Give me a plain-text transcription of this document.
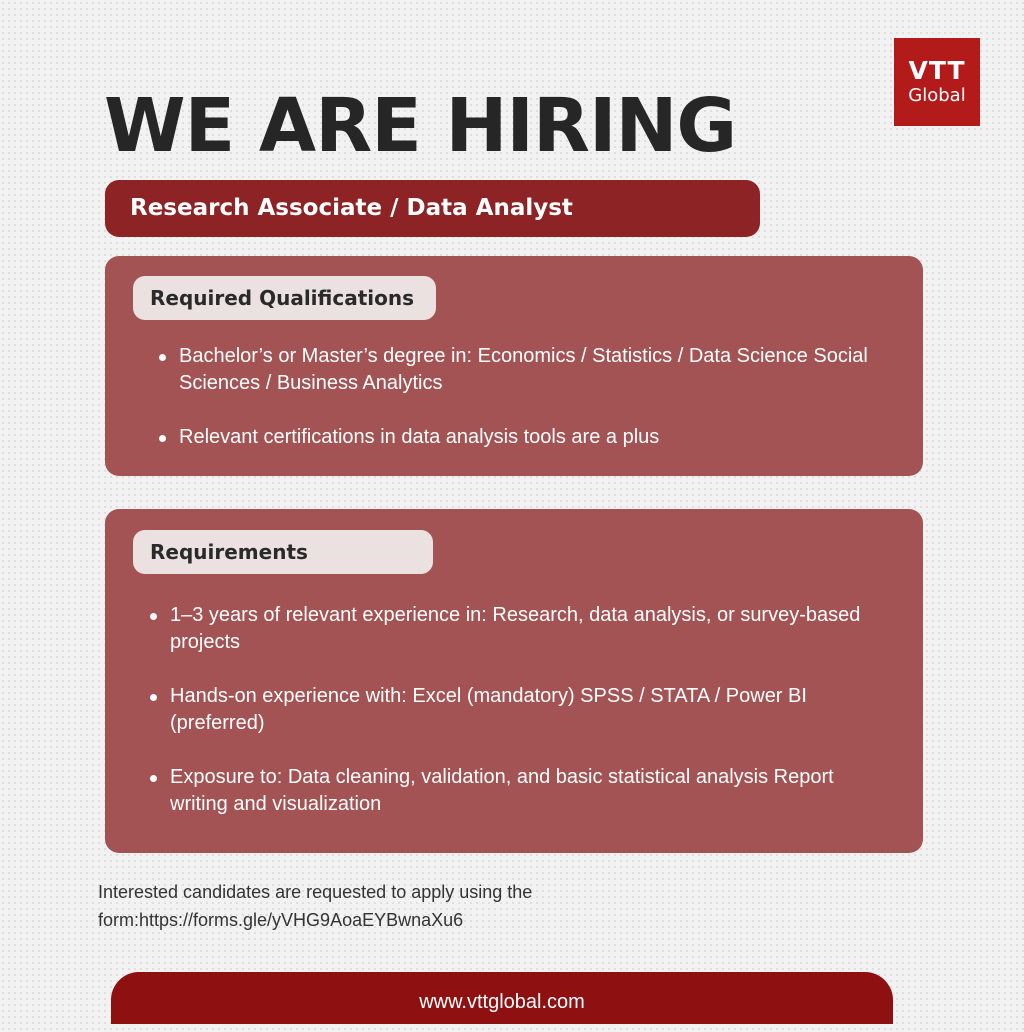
VTT
Global
WE ARE HIRING
Research Associate / Data Analyst
Required Qualifications
Bachelor’s or Master’s degree in: Economics / Statistics / Data Science Social Sciences / Business Analytics
Relevant certifications in data analysis tools are a plus
Requirements
1–3 years of relevant experience in: Research, data analysis, or survey-based projects
Hands-on experience with: Excel (mandatory) SPSS / STATA / Power BI (preferred)
Exposure to: Data cleaning, validation, and basic statistical analysis Report writing and visualization

Interested candidates are requested to apply using the form:https://forms.gle/yVHG9AoaEYBwnaXu6

www.vttglobal.com
